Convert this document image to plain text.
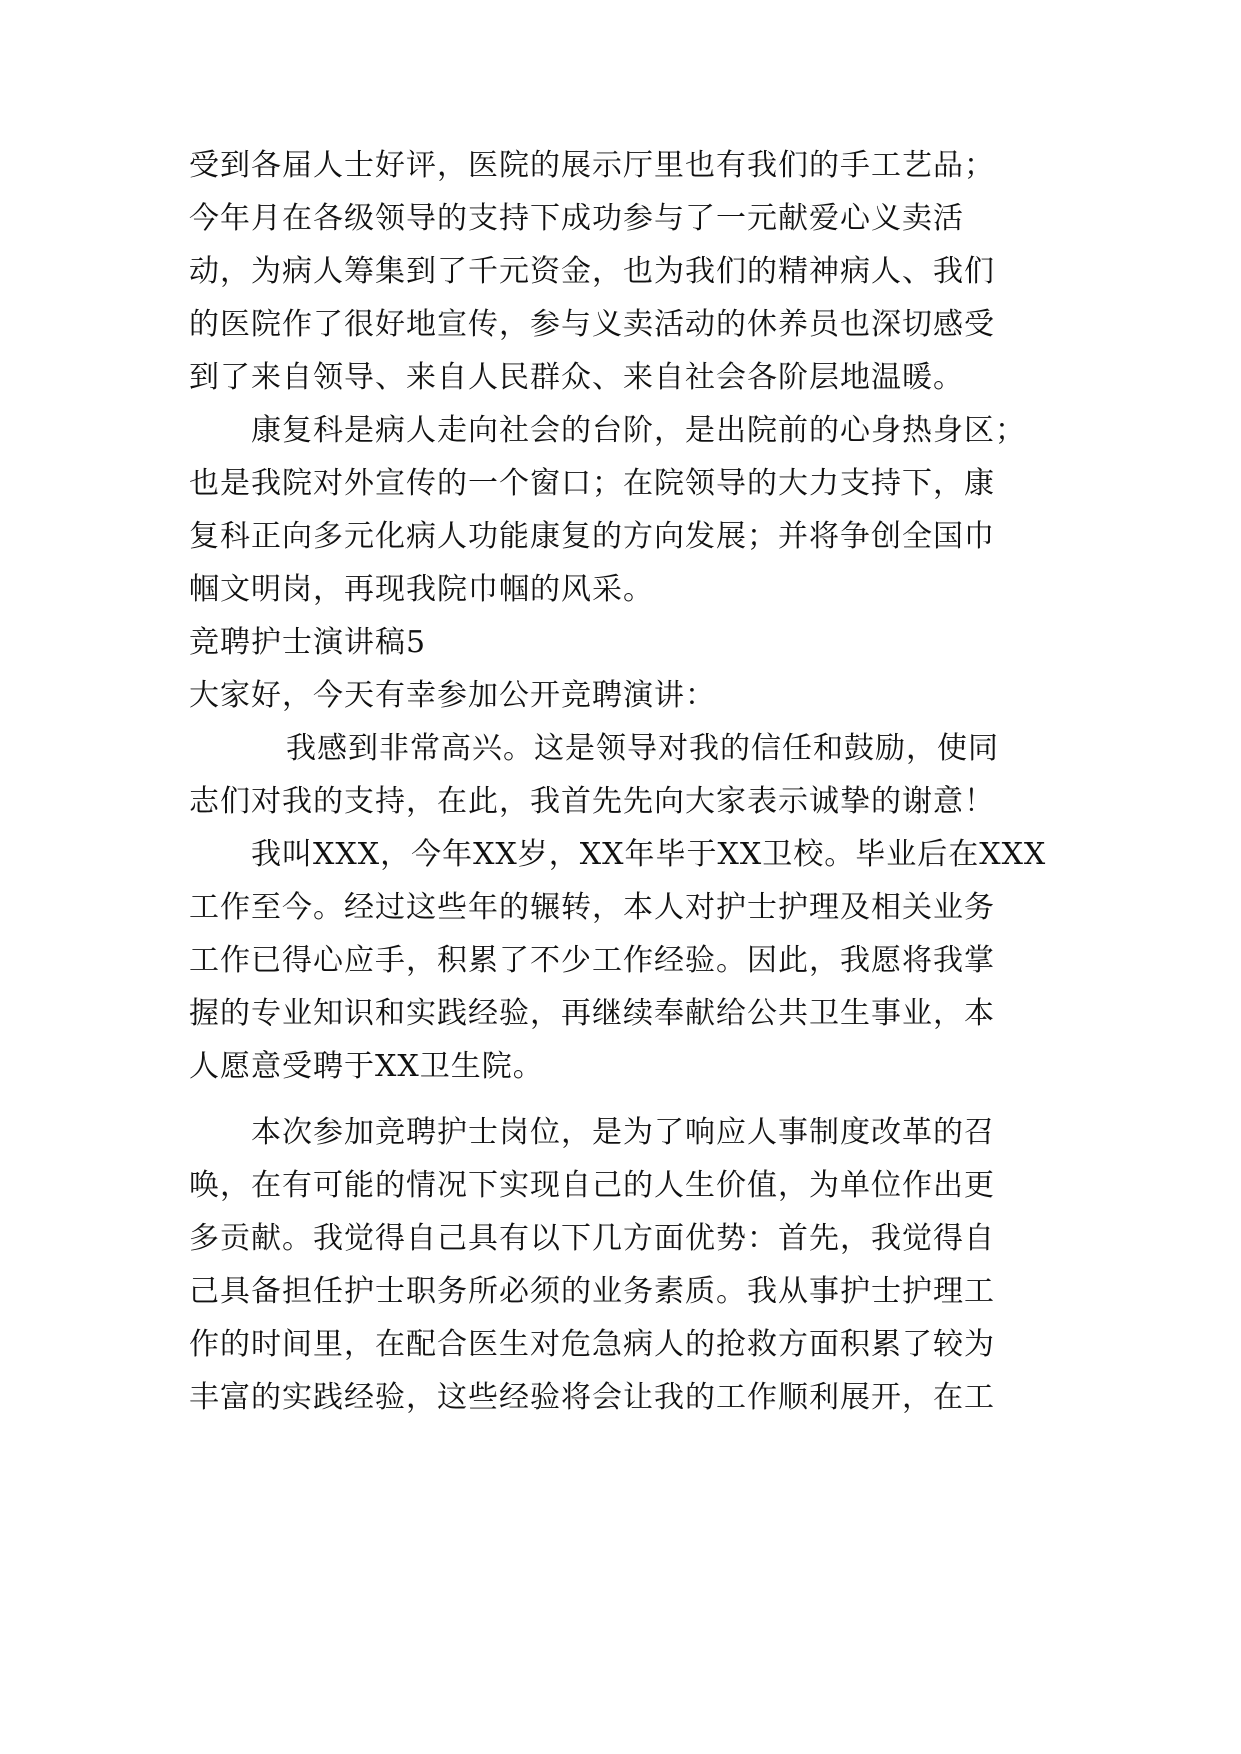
受到各届人士好评，医院的展示厅里也有我们的手工艺品；
今年月在各级领导的支持下成功参与了一元献爱心义卖活
动，为病人筹集到了千元资金，也为我们的精神病人、我们
的医院作了很好地宣传，参与义卖活动的休养员也深切感受
到了来自领导、来自人民群众、来自社会各阶层地温暖。
康复科是病人走向社会的台阶，是出院前的心身热身区；
也是我院对外宣传的一个窗口；在院领导的大力支持下，康
复科正向多元化病人功能康复的方向发展；并将争创全国巾
帼文明岗，再现我院巾帼的风采。
竞聘护士演讲稿5
大家好，今天有幸参加公开竞聘演讲：
我感到非常高兴。这是领导对我的信任和鼓励，使同
志们对我的支持，在此，我首先先向大家表示诚挚的谢意！
我叫XXX，今年XX岁，XX年毕于XX卫校。毕业后在XXX
工作至今。经过这些年的辗转，本人对护士护理及相关业务
工作已得心应手，积累了不少工作经验。因此，我愿将我掌
握的专业知识和实践经验，再继续奉献给公共卫生事业，本
人愿意受聘于XX卫生院。
本次参加竞聘护士岗位，是为了响应人事制度改革的召
唤，在有可能的情况下实现自己的人生价值，为单位作出更
多贡献。我觉得自己具有以下几方面优势：首先，我觉得自
己具备担任护士职务所必须的业务素质。我从事护士护理工
作的时间里，在配合医生对危急病人的抢救方面积累了较为
丰富的实践经验，这些经验将会让我的工作顺利展开，在工
